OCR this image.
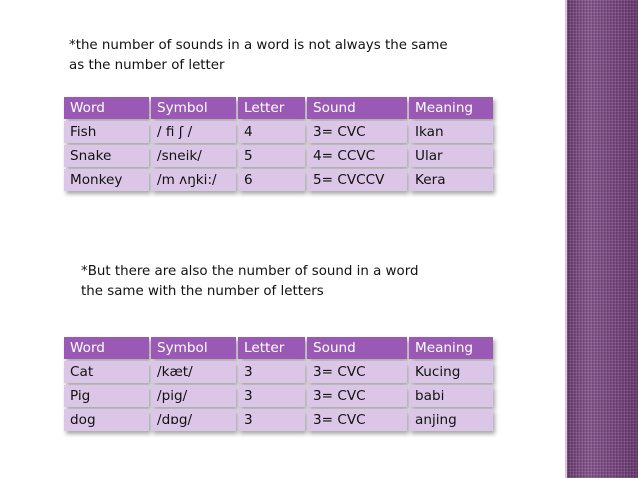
*the number of sounds in a word is not always the same
as the number of letter
Word	Symbol	Letter	Sound	Meaning
Fish	/ fi ʃ /	4	3= CVC	Ikan
Snake	/sneik/	5	4= CCVC	Ular
Monkey	/m ʌŋki:/	6	5= CVCCV	Kera
*But there are also the number of sound in a word
the same with the number of letters
Word	Symbol	Letter	Sound	Meaning
Cat	/kæt/	3	3= CVC	Kucing
Pig	/pig/	3	3= CVC	babi
dog	/dɒg/	3	3= CVC	anjing
